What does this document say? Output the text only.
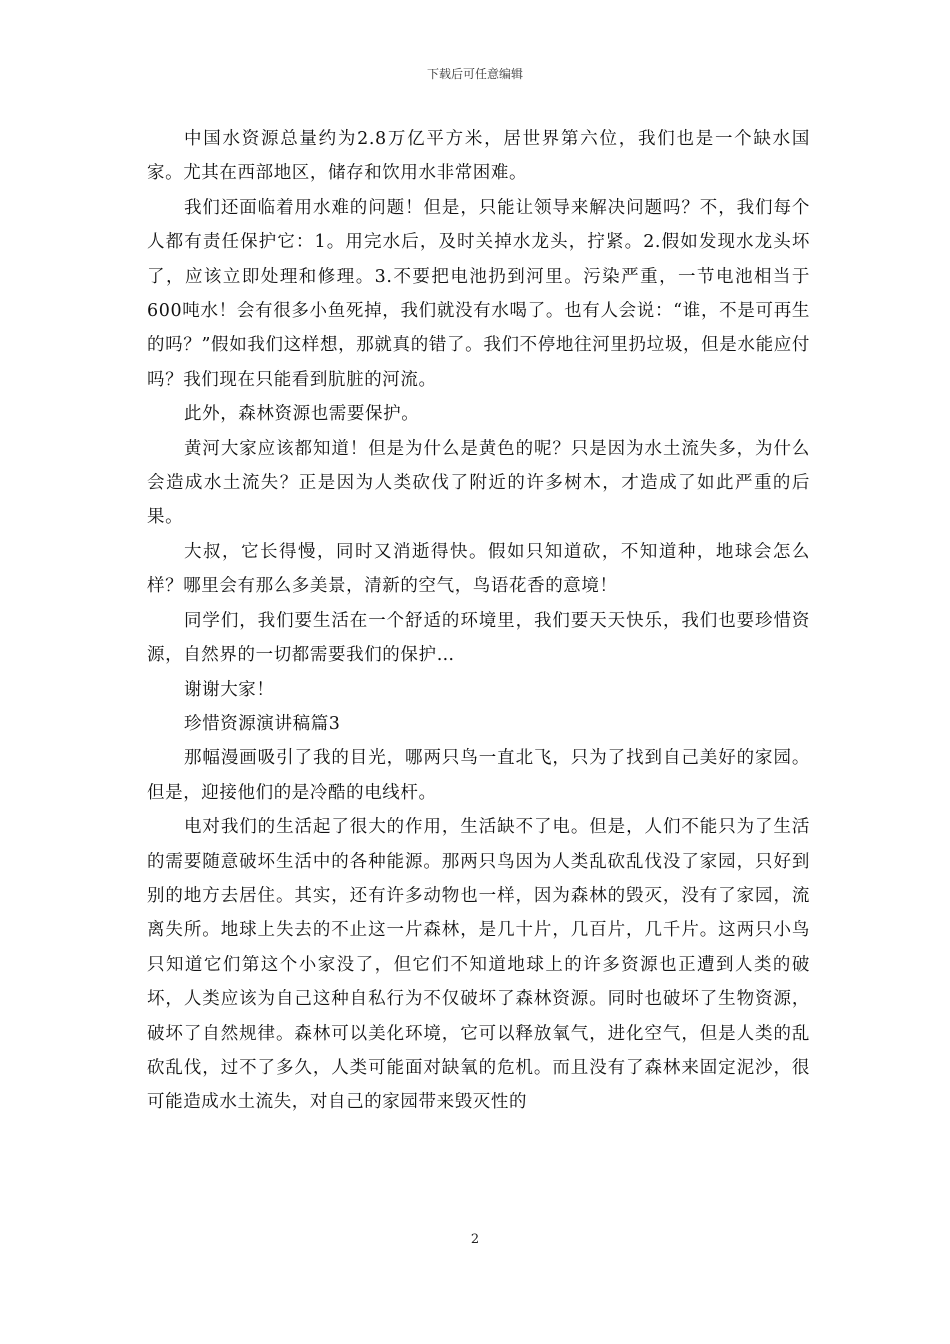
下载后可任意编辑

中国水资源总量约为2.8万亿平方米，居世界第六位，我们也是一个缺水国家。尤其在西部地区，储存和饮用水非常困难。

我们还面临着用水难的问题！但是，只能让领导来解决问题吗？不，我们每个人都有责任保护它：1。用完水后，及时关掉水龙头，拧紧。2.假如发现水龙头坏了，应该立即处理和修理。3.不要把电池扔到河里。污染严重，一节电池相当于600吨水！会有很多小鱼死掉，我们就没有水喝了。也有人会说：“谁，不是可再生的吗？”假如我们这样想，那就真的错了。我们不停地往河里扔垃圾，但是水能应付吗？我们现在只能看到肮脏的河流。

此外，森林资源也需要保护。

黄河大家应该都知道！但是为什么是黄色的呢？只是因为水土流失多，为什么会造成水土流失？正是因为人类砍伐了附近的许多树木，才造成了如此严重的后果。

大叔，它长得慢，同时又消逝得快。假如只知道砍，不知道种，地球会怎么样？哪里会有那么多美景，清新的空气，鸟语花香的意境！

同学们，我们要生活在一个舒适的环境里，我们要天天快乐，我们也要珍惜资源，自然界的一切都需要我们的保护…

谢谢大家！

珍惜资源演讲稿篇3

那幅漫画吸引了我的目光，哪两只鸟一直北飞，只为了找到自己美好的家园。但是，迎接他们的是冷酷的电线杆。

电对我们的生活起了很大的作用，生活缺不了电。但是，人们不能只为了生活的需要随意破坏生活中的各种能源。那两只鸟因为人类乱砍乱伐没了家园，只好到别的地方去居住。其实，还有许多动物也一样，因为森林的毁灭，没有了家园，流离失所。地球上失去的不止这一片森林，是几十片，几百片，几千片。这两只小鸟只知道它们第这个小家没了，但它们不知道地球上的许多资源也正遭到人类的破坏，人类应该为自己这种自私行为不仅破坏了森林资源。同时也破坏了生物资源，破坏了自然规律。森林可以美化环境，它可以释放氧气，进化空气，但是人类的乱砍乱伐，过不了多久，人类可能面对缺氧的危机。而且没有了森林来固定泥沙，很可能造成水土流失，对自己的家园带来毁灭性的

2
